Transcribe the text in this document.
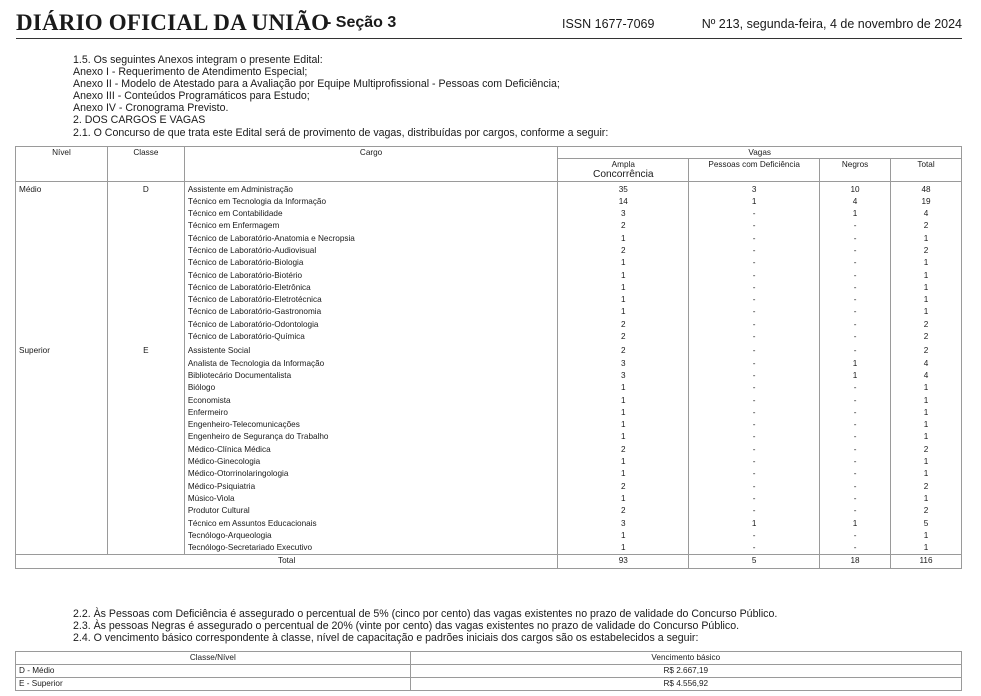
DIÁRIO OFICIAL DA UNIÃO
- Seção 3	ISSN 1677-7069	Nº 213, segunda-feira, 4 de novembro de 2024
1.5. Os seguintes Anexos integram o presente Edital:
Anexo I - Requerimento de Atendimento Especial;
Anexo II - Modelo de Atestado para a Avaliação por Equipe Multiprofissional - Pessoas com Deficiência;
Anexo III - Conteúdos Programáticos para Estudo;
Anexo IV - Cronograma Previsto.
2. DOS CARGOS E VAGAS
2.1. O Concurso de que trata este Edital será de provimento de vagas, distribuídas por cargos, conforme a seguir:
Nível	Classe	Cargo	Vagas			

			Ampla
Concorrência	Pessoas com Deficiência	Negros	Total
Médio	D	Assistente em Administração	35	3	10	48
		Técnico em Tecnologia da Informação	14	1	4	19
		Técnico em Contabilidade	3	-	1	4
		Técnico em Enfermagem	2	-	-	2
		Técnico de Laboratório-Anatomia e Necropsia	1	-	-	1
		Técnico de Laboratório-Audiovisual	2	-	-	2
		Técnico de Laboratório-Biologia	1	-	-	1
		Técnico de Laboratório-Biotério	1	-	-	1
		Técnico de Laboratório-Eletrônica	1	-	-	1
		Técnico de Laboratório-Eletrotécnica	1	-	-	1
		Técnico de Laboratório-Gastronomia	1	-	-	1
		Técnico de Laboratório-Odontologia	2	-	-	2
		Técnico de Laboratório-Química	2	-	-	2
Superior	E	Assistente Social	2	-	-	2
		Analista de Tecnologia da Informação	3	-	1	4
		Bibliotecário Documentalista	3	-	1	4
		Biólogo	1	-	-	1
		Economista	1	-	-	1
		Enfermeiro	1	-	-	1
		Engenheiro-Telecomunicações	1	-	-	1
		Engenheiro de Segurança do Trabalho	1	-	-	1
		Médico-Clínica Médica	2	-	-	2
		Médico-Ginecologia	1	-	-	1
		Médico-Otorrinolaringologia	1	-	-	1
		Médico-Psiquiatria	2	-	-	2
		Músico-Viola	1	-	-	1
		Produtor Cultural	2	-	-	2
		Técnico em Assuntos Educacionais	3	1	1	5
		Tecnólogo-Arqueologia	1	-	-	1
		Tecnólogo-Secretariado Executivo	1	-	-	1
Total			93	5	18	116
2.2. Às Pessoas com Deficiência é assegurado o percentual de 5% (cinco por cento) das vagas existentes no prazo de validade do Concurso Público.
2.3. Às pessoas Negras é assegurado o percentual de 20% (vinte por cento) das vagas existentes no prazo de validade do Concurso Público.
2.4. O vencimento básico correspondente à classe, nível de capacitação e padrões iniciais dos cargos são os estabelecidos a seguir:
Classe/Nível	Vencimento básico
D - Médio	R$ 2.667,19
E - Superior	R$ 4.556,92
